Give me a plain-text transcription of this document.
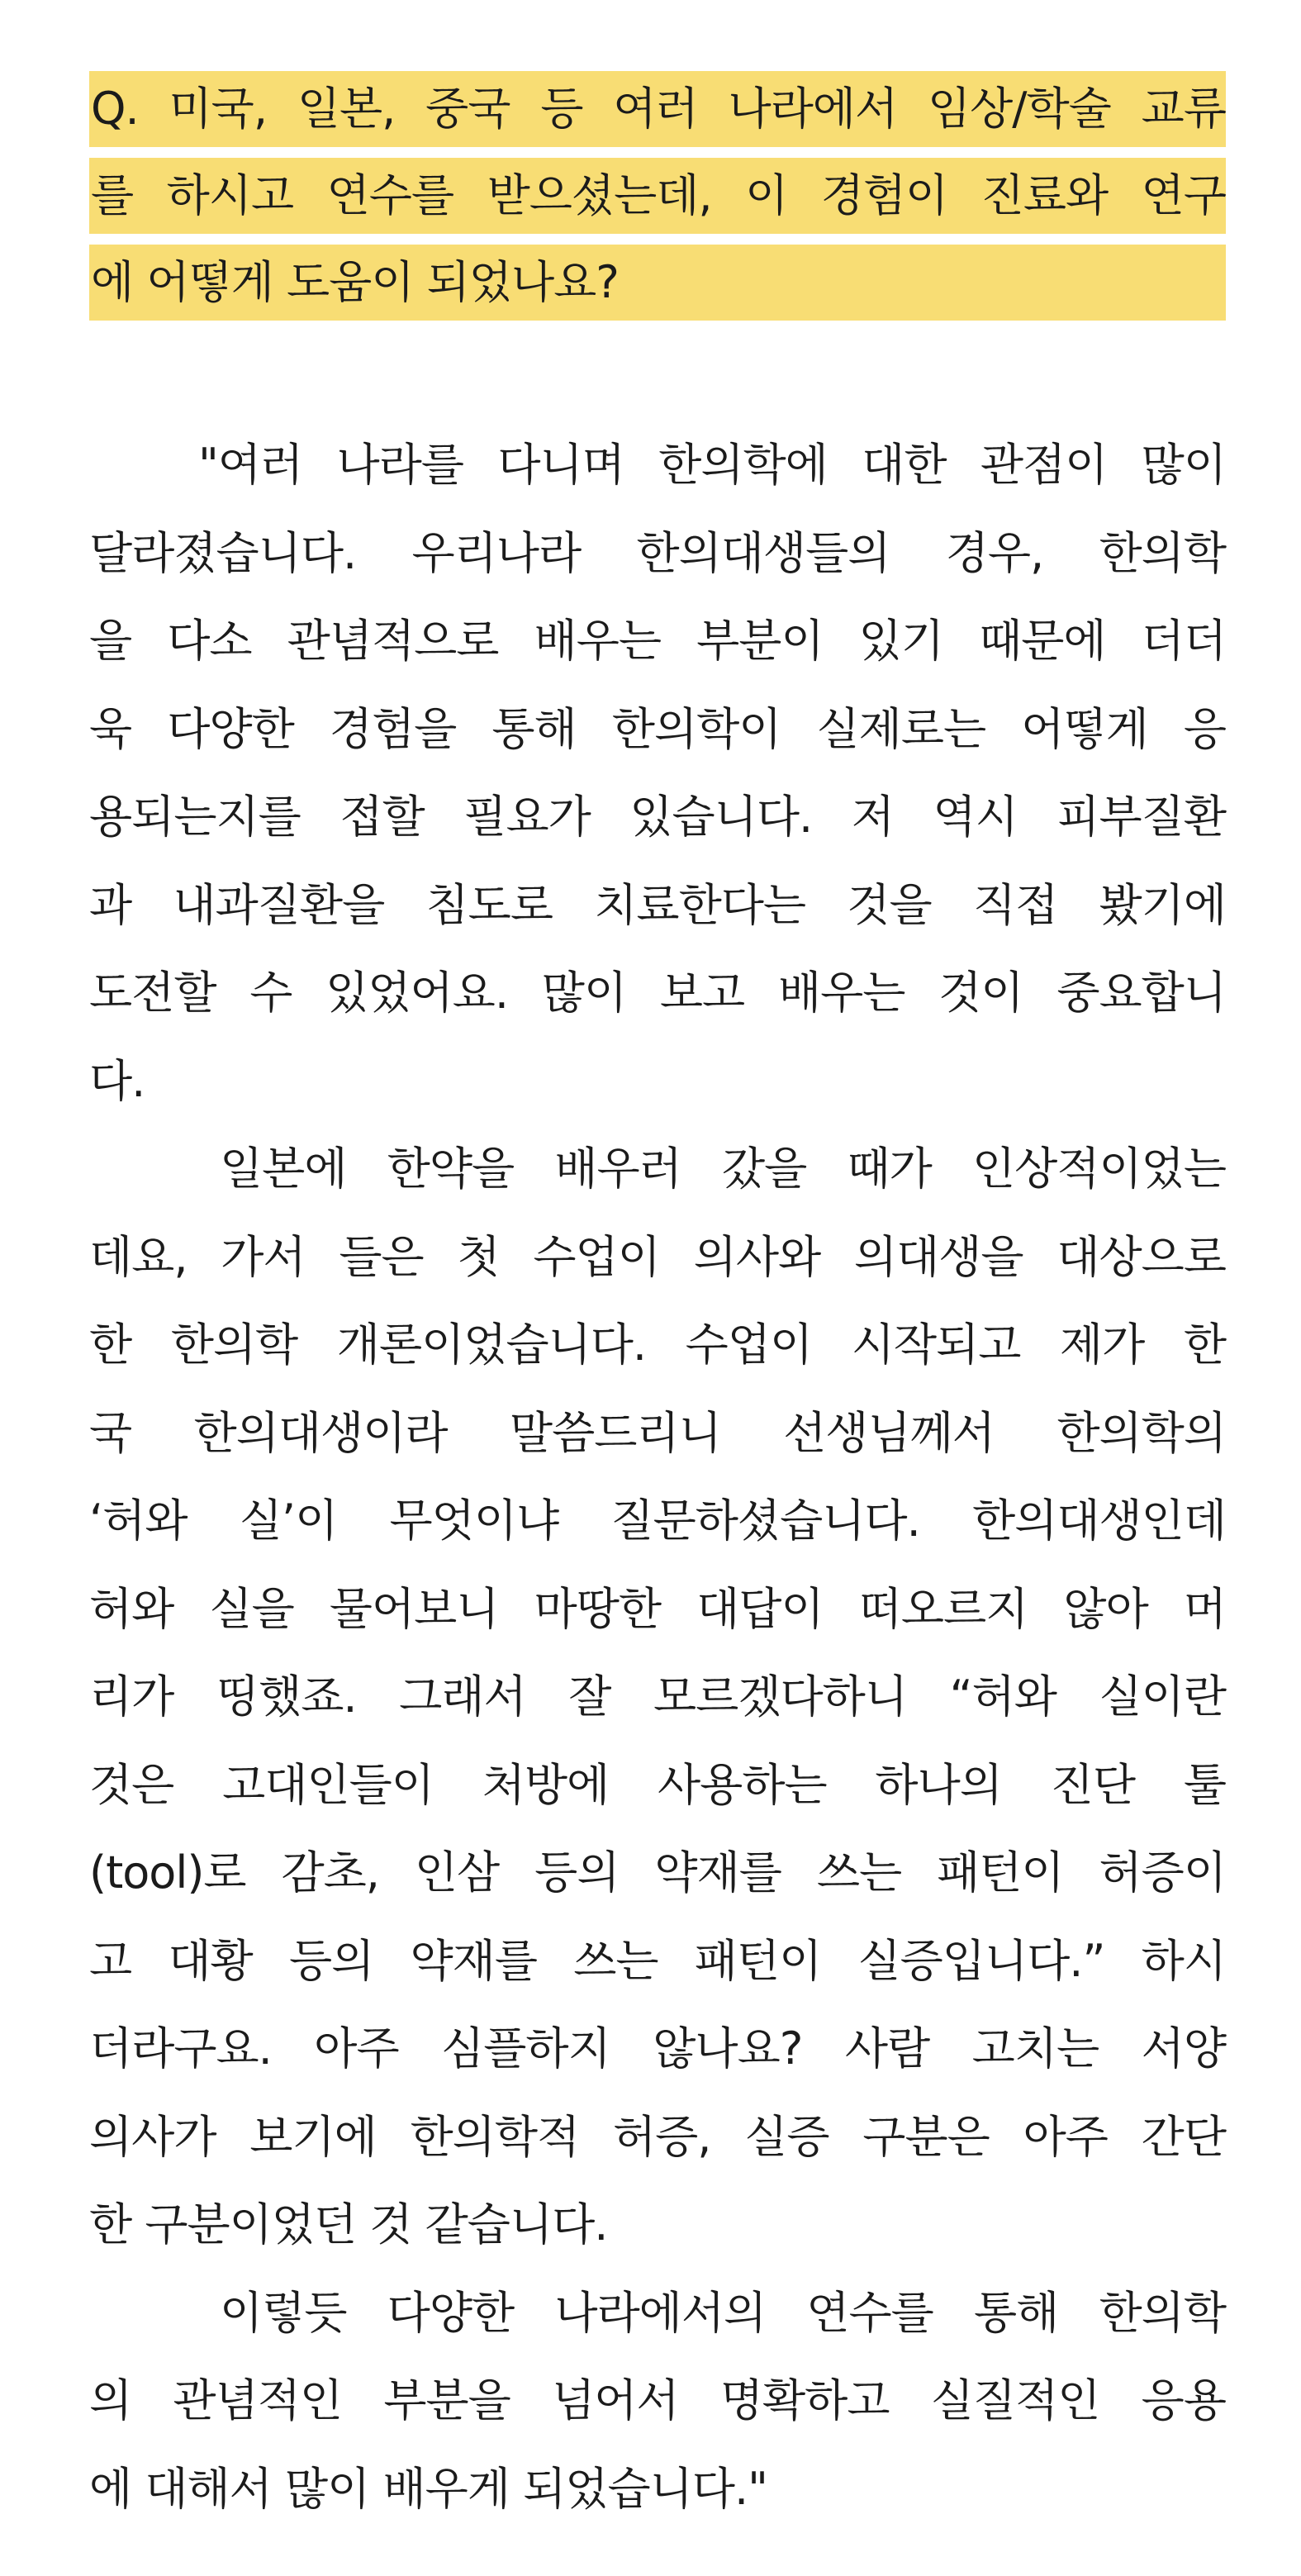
Q. 미국, 일본, 중국 등 여러 나라에서 임상/학술 교류
를 하시고 연수를 받으셨는데, 이 경험이 진료와 연구
에 어떻게 도움이 되었나요?
"여러 나라를 다니며 한의학에 대한 관점이 많이
달라졌습니다. 우리나라 한의대생들의 경우, 한의학
을 다소 관념적으로 배우는 부분이 있기 때문에 더더
욱 다양한 경험을 통해 한의학이 실제로는 어떻게 응
용되는지를 접할 필요가 있습니다. 저 역시 피부질환
과 내과질환을 침도로 치료한다는 것을 직접 봤기에
도전할 수 있었어요. 많이 보고 배우는 것이 중요합니
다.
일본에 한약을 배우러 갔을 때가 인상적이었는
데요, 가서 들은 첫 수업이 의사와 의대생을 대상으로
한 한의학 개론이었습니다. 수업이 시작되고 제가 한
국 한의대생이라 말씀드리니 선생님께서 한의학의
‘허와 실’이 무엇이냐 질문하셨습니다. 한의대생인데
허와 실을 물어보니 마땅한 대답이 떠오르지 않아 머
리가 띵했죠. 그래서 잘 모르겠다하니 “허와 실이란
것은 고대인들이 처방에 사용하는 하나의 진단 툴
(tool)로 감초, 인삼 등의 약재를 쓰는 패턴이 허증이
고 대황 등의 약재를 쓰는 패턴이 실증입니다.” 하시
더라구요. 아주 심플하지 않나요? 사람 고치는 서양
의사가 보기에 한의학적 허증, 실증 구분은 아주 간단
한 구분이었던 것 같습니다.
이렇듯 다양한 나라에서의 연수를 통해 한의학
의 관념적인 부분을 넘어서 명확하고 실질적인 응용
에 대해서 많이 배우게 되었습니다."
